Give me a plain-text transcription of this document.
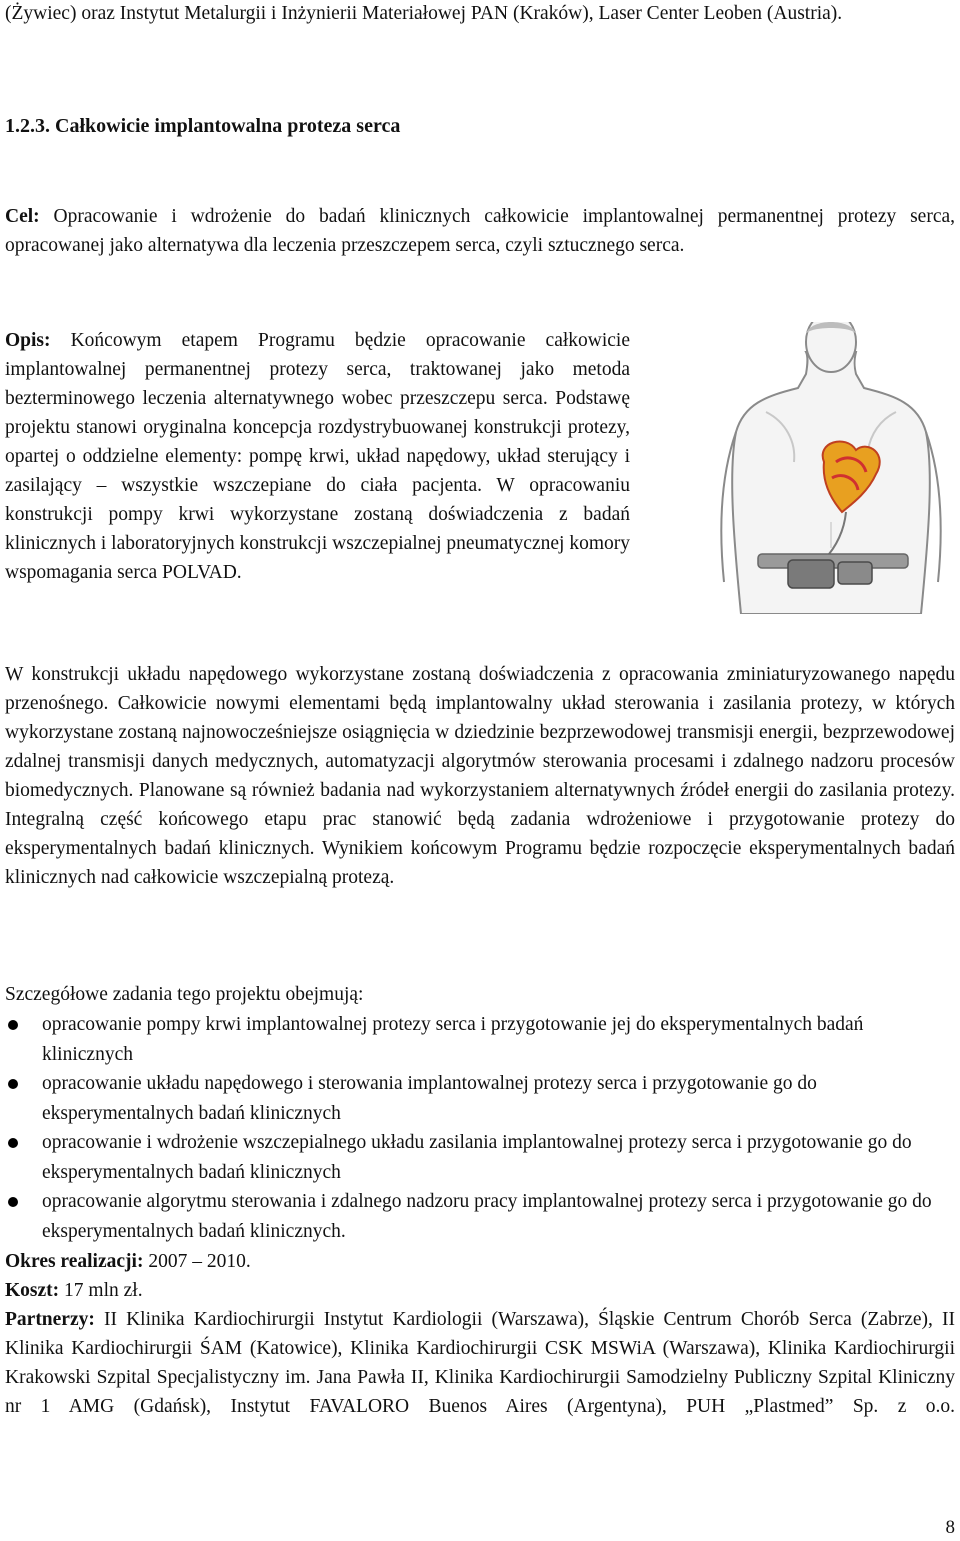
(Żywiec) oraz Instytut Metalurgii i Inżynierii Materiałowej PAN (Kraków), Laser Center Leoben (Austria).

1.2.3. Całkowicie implantowalna proteza serca

Cel: Opracowanie i wdrożenie do badań klinicznych całkowicie implantowalnej permanentnej protezy serca, opracowanej jako alternatywa dla leczenia przeszczepem serca, czyli sztucznego serca.

Opis: Końcowym etapem Programu będzie opracowanie całkowicie implantowalnej permanentnej protezy serca, traktowanej jako metoda bezterminowego leczenia alternatywnego wobec przeszczepu serca. Podstawę projektu stanowi oryginalna koncepcja rozdystrybuowanej konstrukcji protezy, opartej o oddzielne elementy: pompę krwi, układ napędowy, układ sterujący i zasilający – wszystkie wszczepiane do ciała pacjenta. W opracowaniu konstrukcji pompy krwi wykorzystane zostaną doświadczenia z badań klinicznych i laboratoryjnych konstrukcji wszczepialnej pneumatycznej komory wspomagania serca POLVAD.

W konstrukcji układu napędowego wykorzystane zostaną doświadczenia z opracowania zminiaturyzowanego napędu przenośnego. Całkowicie nowymi elementami będą implantowalny układ sterowania i zasilania protezy, w których wykorzystane zostaną najnowocześniejsze osiągnięcia w dziedzinie bezprzewodowej transmisji energii, bezprzewodowej zdalnej transmisji danych medycznych, automatyzacji algorytmów sterowania procesami i zdalnego nadzoru procesów biomedycznych. Planowane są również badania nad wykorzystaniem alternatywnych źródeł energii do zasilania protezy. Integralną część końcowego etapu prac stanowić będą zadania wdrożeniowe i przygotowanie protezy do eksperymentalnych badań klinicznych. Wynikiem końcowym Programu będzie rozpoczęcie eksperymentalnych badań klinicznych nad całkowicie wszczepialną protezą.

Szczegółowe zadania tego projektu obejmują:

opracowanie pompy krwi implantowalnej protezy serca i przygotowanie jej do eksperymentalnych badań klinicznych
opracowanie układu napędowego i sterowania implantowalnej protezy serca i przygotowanie go do eksperymentalnych badań klinicznych
opracowanie i wdrożenie wszczepialnego układu zasilania implantowalnej protezy serca i przygotowanie go do eksperymentalnych badań klinicznych
opracowanie algorytmu sterowania i zdalnego nadzoru pracy implantowalnej protezy serca i przygotowanie go do eksperymentalnych badań klinicznych.

Okres realizacji: 2007 – 2010.

Koszt: 17 mln zł.

Partnerzy: II Klinika Kardiochirurgii Instytut Kardiologii (Warszawa), Śląskie Centrum Chorób Serca (Zabrze), II Klinika Kardiochirurgii ŚAM (Katowice), Klinika Kardiochirurgii CSK MSWiA (Warszawa), Klinika Kardiochirurgii Krakowski Szpital Specjalistyczny im. Jana Pawła II, Klinika Kardiochirurgii Samodzielny Publiczny Szpital Kliniczny nr 1 AMG (Gdańsk), Instytut FAVALORO Buenos Aires (Argentyna), PUH „Plastmed” Sp. z o.o.

8
